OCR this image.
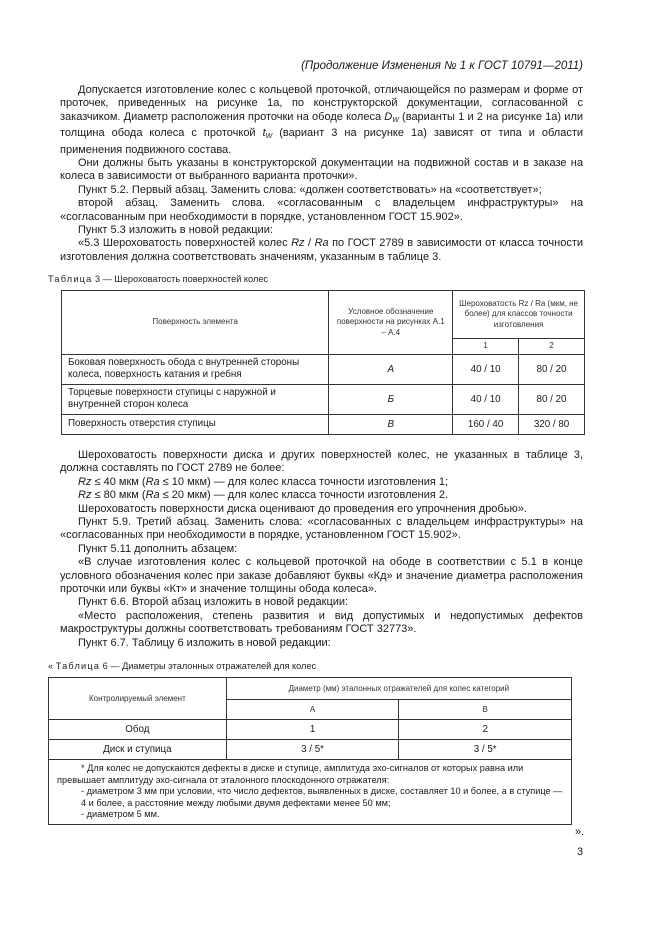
(Продолжение Изменения № 1 к ГОСТ 10791—2011)

Допускается изготовление колес с кольцевой проточкой, отличающейся по размерам и форме от проточек, приведенных на рисунке 1а, по конструкторской документации, согласованной с заказчиком. Диаметр расположения проточки на ободе колеса $D_W$ (варианты 1 и 2 на рисунке 1а) или толщина обода колеса с проточкой $t_W$ (вариант 3 на рисунке 1а) зависят от типа и области применения подвижного состава.

Они должны быть указаны в конструкторской документации на подвижной состав и в заказе на колеса в зависимости от выбранного варианта проточки».

Пункт 5.2. Первый абзац. Заменить слова: «должен соответствовать» на «соответствует»;

второй абзац. Заменить слова. «согласованным с владельцем инфраструктуры» на «согласованным при необходимости в порядке, установленном ГОСТ 15.902».

Пункт 5.3 изложить в новой редакции:

«5.3 Шероховатость поверхностей колес Rz / Ra по ГОСТ 2789 в зависимости от класса точности изготовления должна соответствовать значениям, указанным в таблице 3.

Таблица 3 — Шероховатость поверхностей колес
Поверхность элемента	Условное обозначение поверхности на рисунках А.1 – А.4	Шероховатость Rz / Ra (мкм, не более) для классов точности изготовления	
		1	2
Боковая поверхность обода с внутренней стороны колеса, поверхность катания и гребня	А	40 / 10	80 / 20
Торцевые поверхности ступицы с наружной и внутренней сторон колеса	Б	40 / 10	80 / 20
Поверхность отверстия ступицы	В	160 / 40	320 / 80

Шероховатость поверхности диска и других поверхностей колес, не указанных в таблице 3, должна составлять по ГОСТ 2789 не более:

Rz ≤ 40 мкм (Ra ≤ 10 мкм) — для колес класса точности изготовления 1;

Rz ≤ 80 мкм (Ra ≤ 20 мкм) — для колес класса точности изготовления 2.

Шероховатость поверхности диска оценивают до проведения его упрочнения дробью».

Пункт 5.9. Третий абзац. Заменить слова: «согласованных с владельцем инфраструктуры» на «согласованных при необходимости в порядке, установленном ГОСТ 15.902».

Пункт 5.11 дополнить абзацем:

«В случае изготовления колес с кольцевой проточкой на ободе в соответствии с 5.1 в конце условного обозначения колес при заказе добавляют буквы «Кд» и значение диаметра расположения проточки или буквы «Кт» и значение толщины обода колеса».

Пункт 6.6. Второй абзац изложить в новой редакции:

«Место расположения, степень развития и вид допустимых и недопустимых дефектов макроструктуры должны соответствовать требованиям ГОСТ 32773».

Пункт 6.7. Таблицу 6 изложить в новой редакции:

« Таблица 6 — Диаметры эталонных отражателей для колес
Контролируемый элемент	Диаметр (мм) эталонных отражателей для колес категорий	
	А	В
Обод	1	2
Диск и ступица	3 / 5*	3 / 5*

* Для колес не допускаются дефекты в диске и ступице, амплитуда эхо-сигналов от которых равна или превышает амплитуду эхо-сигнала от эталонного плоскодонного отражателя:

- диаметром 3 мм при условии, что число дефектов, выявленных в диске, составляет 10 и более, а в ступице — 4 и более, а расстояние между любыми двумя дефектами менее 50 мм;

- диаметром 5 мм.		

».
3
